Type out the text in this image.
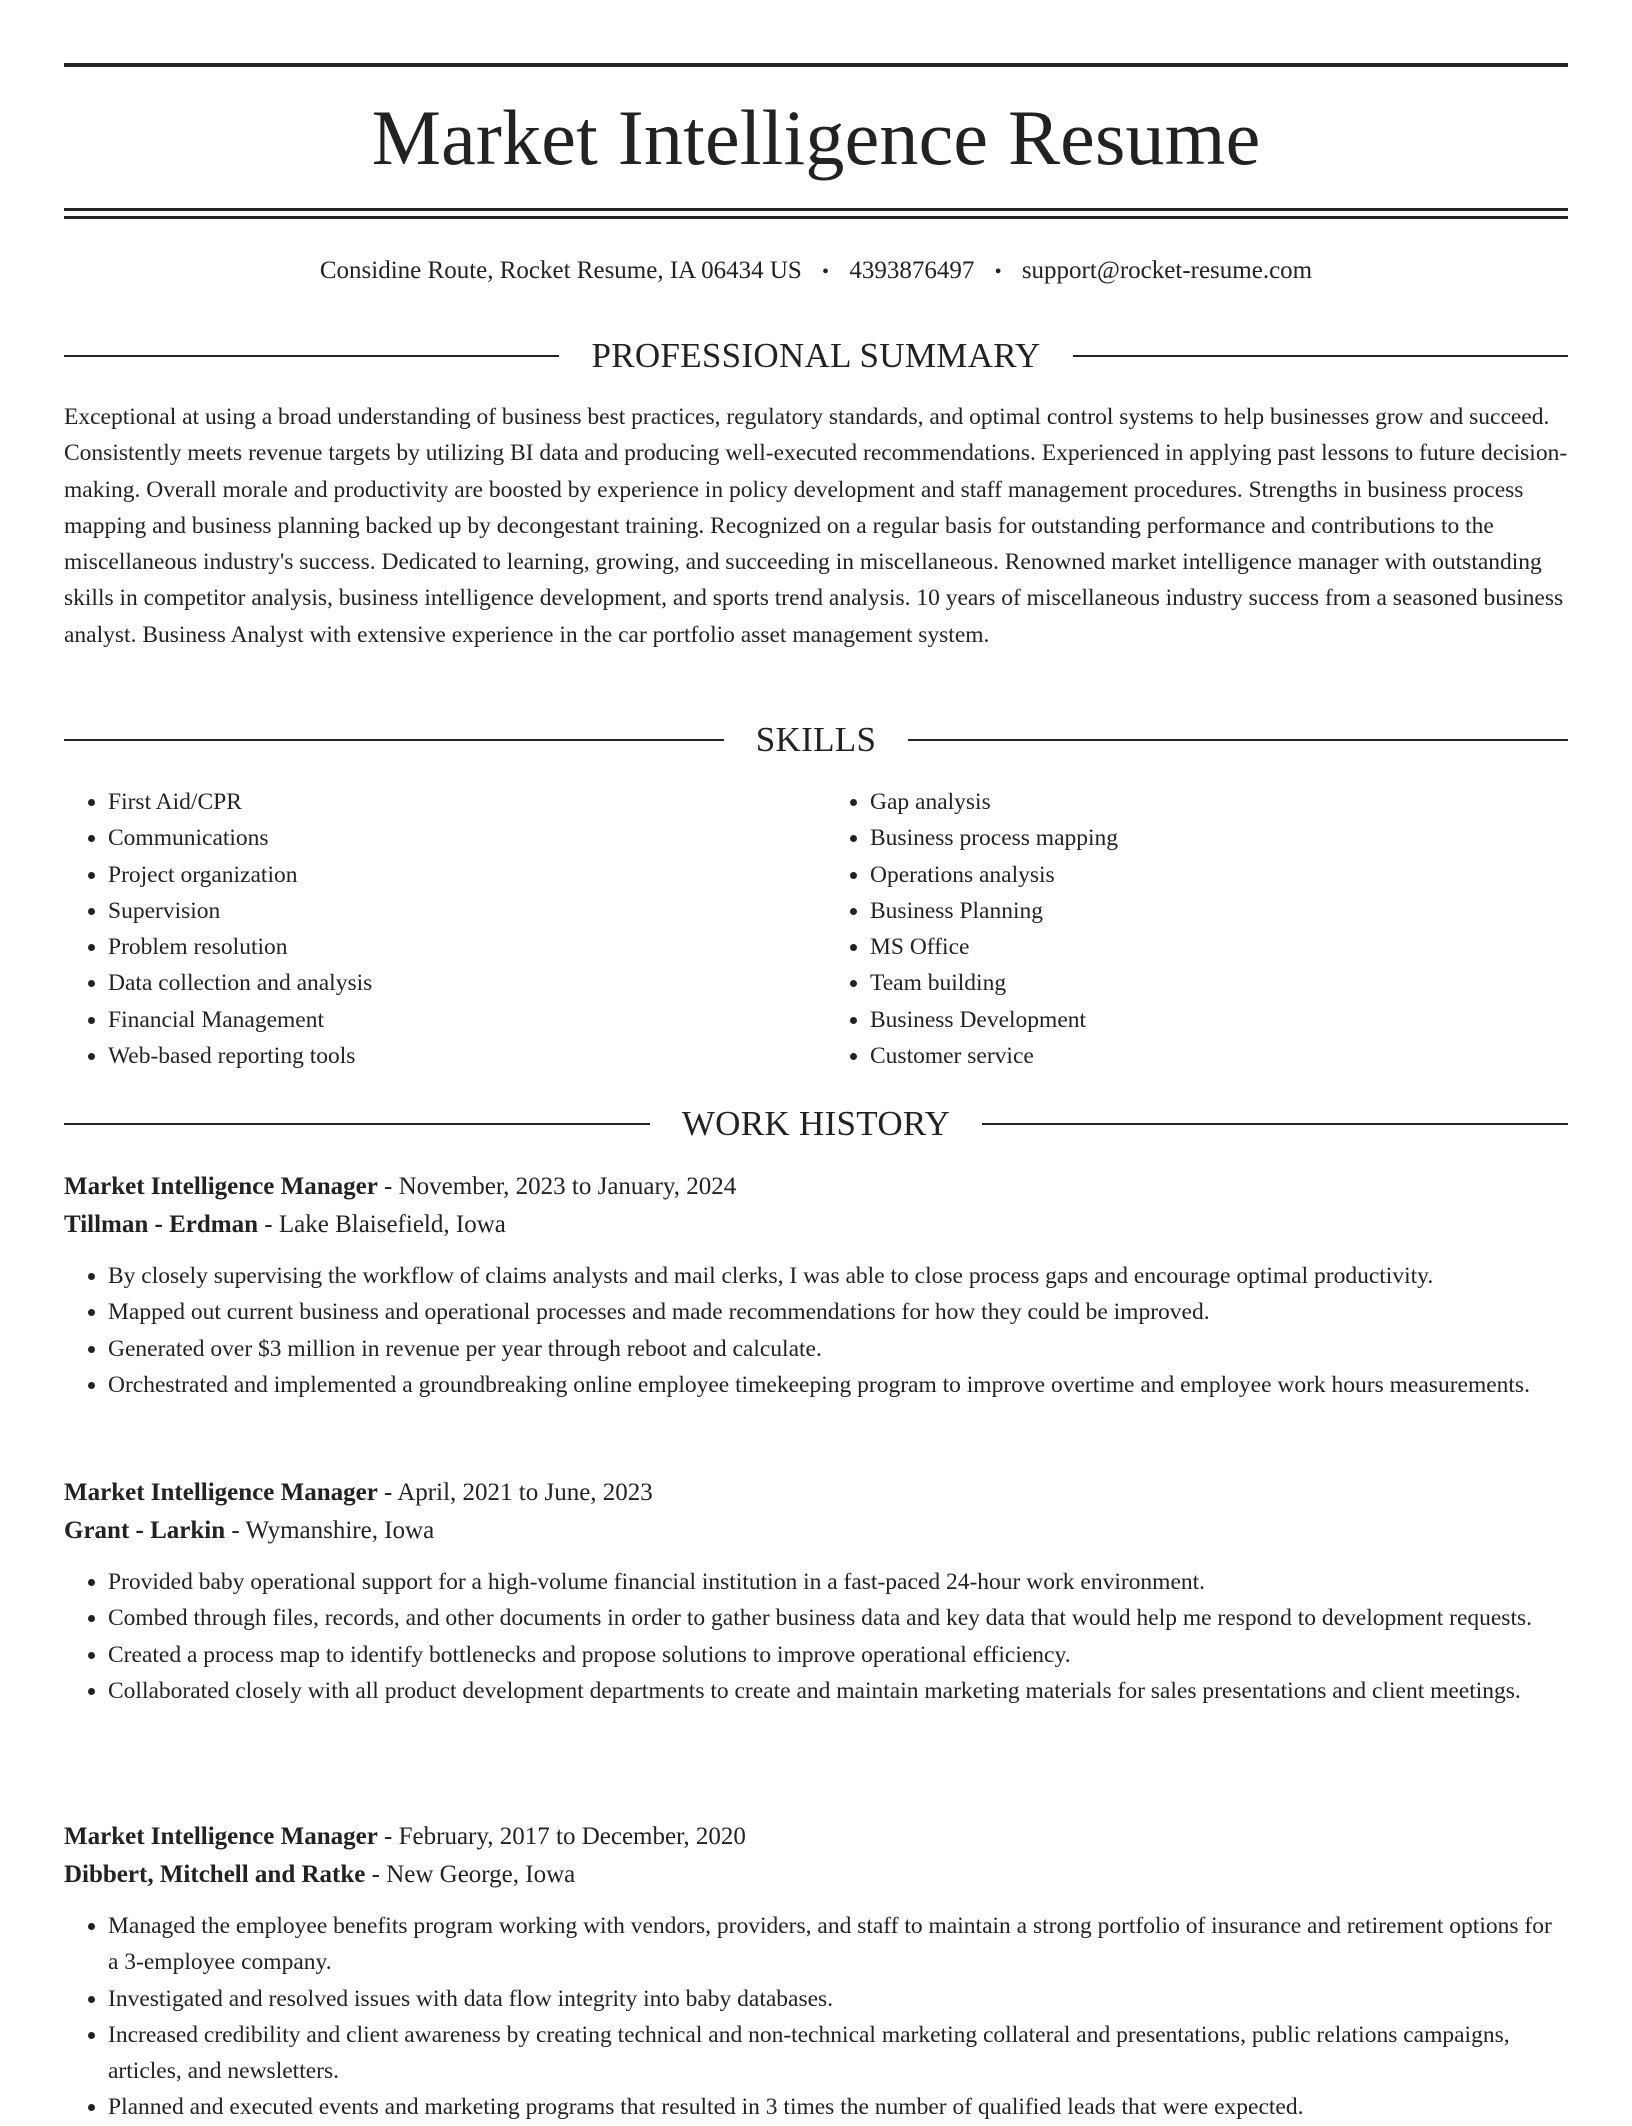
Market Intelligence Resume
Considine Route, Rocket Resume, IA 06434 US • 4393876497 • support@rocket-resume.com
PROFESSIONAL SUMMARY
Exceptional at using a broad understanding of business best practices, regulatory standards, and optimal control systems to help businesses grow and succeed. Consistently meets revenue targets by utilizing BI data and producing well-executed recommendations. Experienced in applying past lessons to future decision-making. Overall morale and productivity are boosted by experience in policy development and staff management procedures. Strengths in business process mapping and business planning backed up by decongestant training. Recognized on a regular basis for outstanding performance and contributions to the miscellaneous industry's success. Dedicated to learning, growing, and succeeding in miscellaneous. Renowned market intelligence manager with outstanding skills in competitor analysis, business intelligence development, and sports trend analysis. 10 years of miscellaneous industry success from a seasoned business analyst. Business Analyst with extensive experience in the car portfolio asset management system.
SKILLS
• First Aid/CPR
• Communications
• Project organization
• Supervision
• Problem resolution
• Data collection and analysis
• Financial Management
• Web-based reporting tools
• Gap analysis
• Business process mapping
• Operations analysis
• Business Planning
• MS Office
• Team building
• Business Development
• Customer service
WORK HISTORY
Market Intelligence Manager - November, 2023 to January, 2024
Tillman - Erdman - Lake Blaisefield, Iowa
• By closely supervising the workflow of claims analysts and mail clerks, I was able to close process gaps and encourage optimal productivity.
• Mapped out current business and operational processes and made recommendations for how they could be improved.
• Generated over $3 million in revenue per year through reboot and calculate.
• Orchestrated and implemented a groundbreaking online employee timekeeping program to improve overtime and employee work hours measurements.
Market Intelligence Manager - April, 2021 to June, 2023
Grant - Larkin - Wymanshire, Iowa
• Provided baby operational support for a high-volume financial institution in a fast-paced 24-hour work environment.
• Combed through files, records, and other documents in order to gather business data and key data that would help me respond to development requests.
• Created a process map to identify bottlenecks and propose solutions to improve operational efficiency.
• Collaborated closely with all product development departments to create and maintain marketing materials for sales presentations and client meetings.
Market Intelligence Manager - February, 2017 to December, 2020
Dibbert, Mitchell and Ratke - New George, Iowa
• Managed the employee benefits program working with vendors, providers, and staff to maintain a strong portfolio of insurance and retirement options for a 3-employee company.
• Investigated and resolved issues with data flow integrity into baby databases.
• Increased credibility and client awareness by creating technical and non-technical marketing collateral and presentations, public relations campaigns, articles, and newsletters.
• Planned and executed events and marketing programs that resulted in 3 times the number of qualified leads that were expected.
